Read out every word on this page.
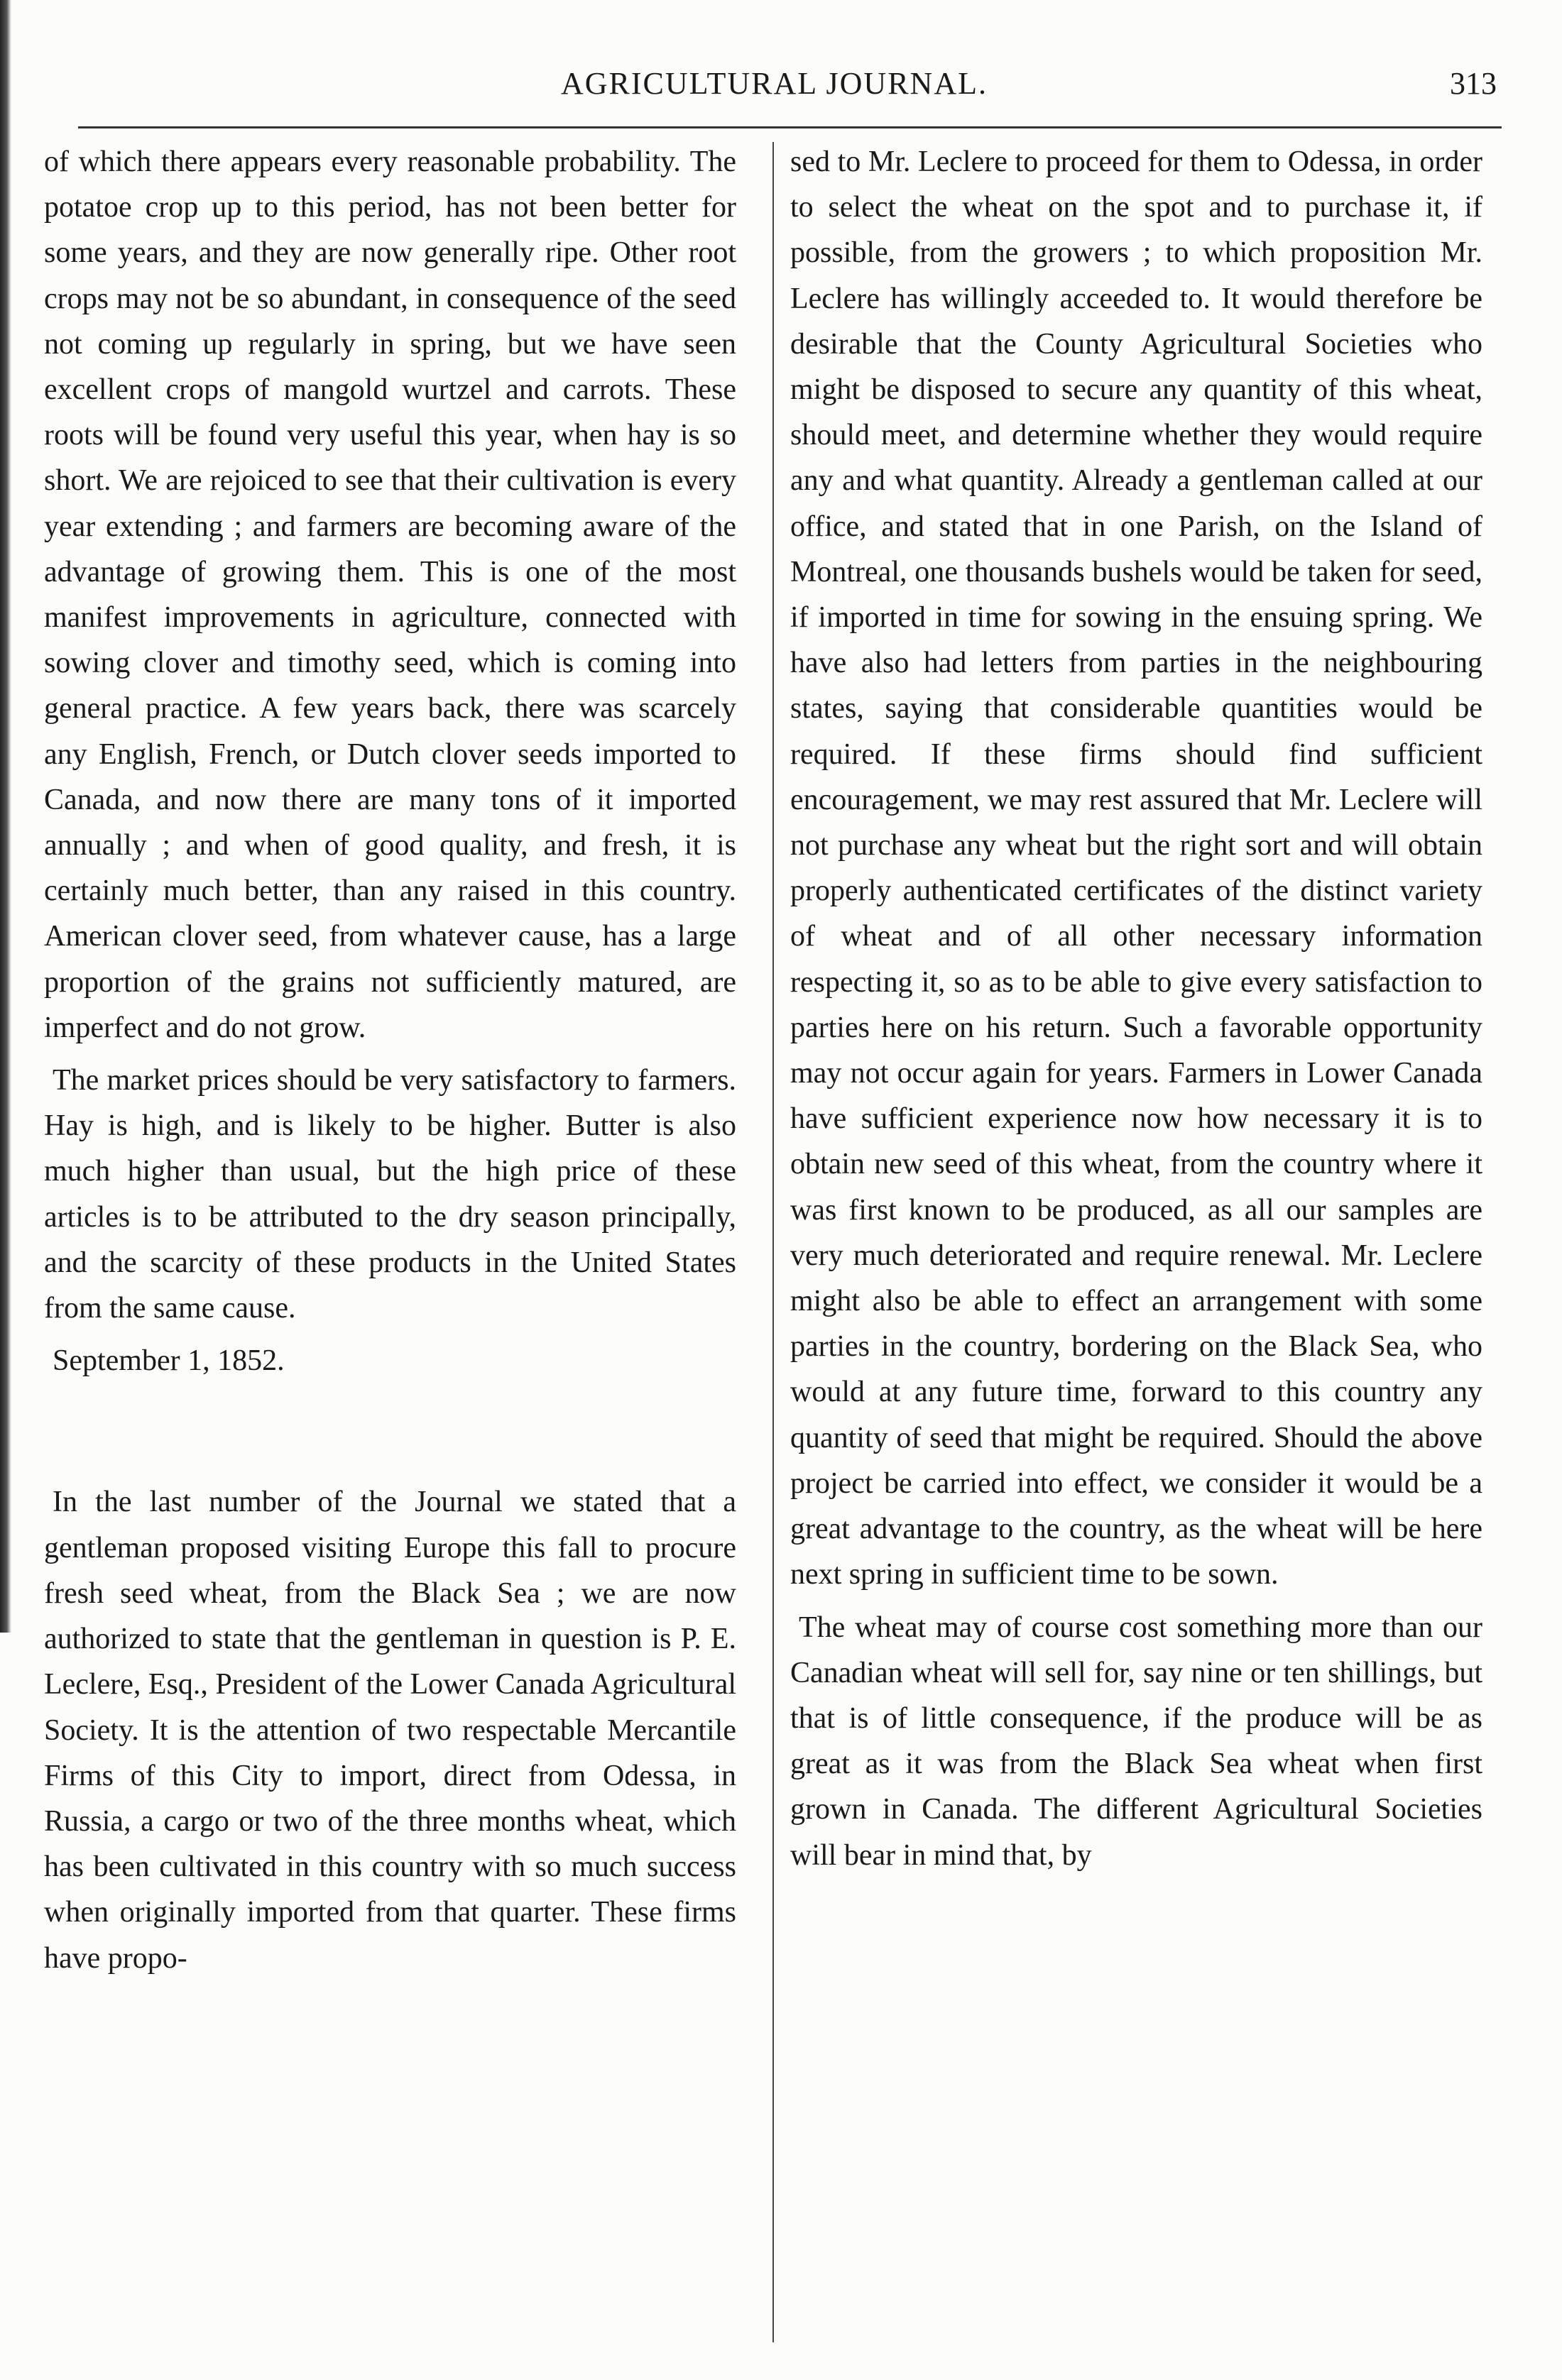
AGRICULTURAL JOURNAL.	313

of which there appears every reasonable probability. The potatoe crop up to this period, has not been better for some years, and they are now generally ripe. Other root crops may not be so abundant, in consequence of the seed not coming up regularly in spring, but we have seen excellent crops of mangold wurtzel and carrots. These roots will be found very useful this year, when hay is so short. We are rejoiced to see that their cultivation is every year extending ; and farmers are becoming aware of the advantage of growing them. This is one of the most manifest improvements in agriculture, connected with sowing clover and timothy seed, which is coming into general practice. A few years back, there was scarcely any English, French, or Dutch clover seeds imported to Canada, and now there are many tons of it imported annually ; and when of good quality, and fresh, it is certainly much better, than any raised in this country. American clover seed, from whatever cause, has a large proportion of the grains not sufficiently matured, are imperfect and do not grow.

The market prices should be very satisfactory to farmers. Hay is high, and is likely to be higher. Butter is also much higher than usual, but the high price of these articles is to be attributed to the dry season principally, and the scarcity of these products in the United States from the same cause.

September 1, 1852.

In the last number of the Journal we stated that a gentleman proposed visiting Europe this fall to procure fresh seed wheat, from the Black Sea ; we are now authorized to state that the gentleman in question is P. E. Leclere, Esq., President of the Lower Canada Agricultural Society. It is the attention of two respectable Mercantile Firms of this City to import, direct from Odessa, in Russia, a cargo or two of the three months wheat, which has been cultivated in this country with so much success when originally imported from that quarter. These firms have propo-

sed to Mr. Leclere to proceed for them to Odessa, in order to select the wheat on the spot and to purchase it, if possible, from the growers ; to which proposition Mr. Leclere has willingly acceeded to. It would therefore be desirable that the County Agricultural Societies who might be disposed to secure any quantity of this wheat, should meet, and determine whether they would require any and what quantity. Already a gentleman called at our office, and stated that in one Parish, on the Island of Montreal, one thousands bushels would be taken for seed, if imported in time for sowing in the ensuing spring. We have also had letters from parties in the neighbouring states, saying that considerable quantities would be required. If these firms should find sufficient encouragement, we may rest assured that Mr. Leclere will not purchase any wheat but the right sort and will obtain properly authenticated certificates of the distinct variety of wheat and of all other necessary information respecting it, so as to be able to give every satisfaction to parties here on his return. Such a favorable opportunity may not occur again for years. Farmers in Lower Canada have sufficient experience now how necessary it is to obtain new seed of this wheat, from the country where it was first known to be produced, as all our samples are very much deteriorated and require renewal. Mr. Leclere might also be able to effect an arrangement with some parties in the country, bordering on the Black Sea, who would at any future time, forward to this country any quantity of seed that might be required. Should the above project be carried into effect, we consider it would be a great advantage to the country, as the wheat will be here next spring in sufficient time to be sown.

The wheat may of course cost something more than our Canadian wheat will sell for, say nine or ten shillings, but that is of little consequence, if the produce will be as great as it was from the Black Sea wheat when first grown in Canada. The different Agricultural Societies will bear in mind that, by
